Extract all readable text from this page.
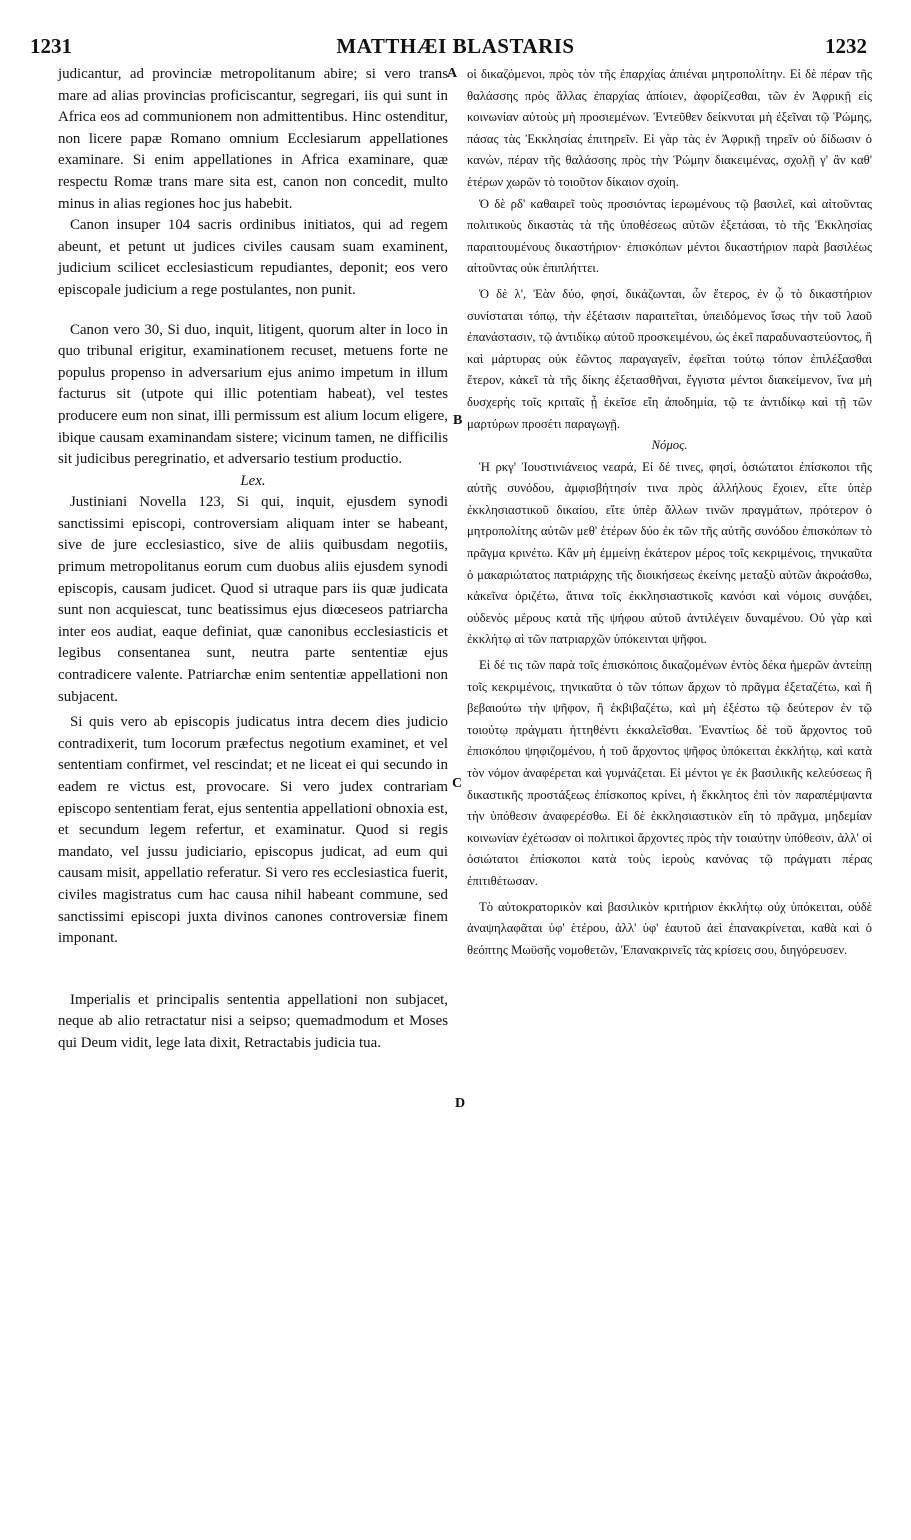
1231	MATTHÆI BLASTARIS	1232
A
B
C
D

judicantur, ad provinciæ metropolitanum abire; si vero trans mare ad alias provincias proficiscantur, segregari, iis qui sunt in Africa eos ad communionem non admittentibus. Hinc ostenditur, non licere papæ Romano omnium Ecclesiarum appellationes examinare. Si enim appellationes in Africa examinare, quæ respectu Romæ trans mare sita est, canon non concedit, multo minus in alias regiones hoc jus habebit.

Canon insuper 104 sacris ordinibus initiatos, qui ad regem abeunt, et petunt ut judices civiles causam suam examinent, judicium scilicet ecclesiasticum repudiantes, deponit; eos vero episcopale judicium a rege postulantes, non punit.

Canon vero 30, Si duo, inquit, litigent, quorum alter in loco in quo tribunal erigitur, examinationem recuset, metuens forte ne populus propenso in adversarium ejus animo impetum in illum facturus sit (utpote qui illic potentiam habeat), vel testes producere eum non sinat, illi permissum est alium locum eligere, ibique causam examinandam sistere; vicinum tamen, ne difficilis sit judicibus peregrinatio, et adversario testium productio.

Lex.

Justiniani Novella 123, Si qui, inquit, ejusdem synodi sanctissimi episcopi, controversiam aliquam inter se habeant, sive de jure ecclesiastico, sive de aliis quibusdam negotiis, primum metropolitanus eorum cum duobus aliis ejusdem synodi episcopis, causam judicet. Quod si utraque pars iis quæ judicata sunt non acquiescat, tunc beatissimus ejus diœceseos patriarcha inter eos audiat, eaque definiat, quæ canonibus ecclesiasticis et legibus consentanea sunt, neutra parte sententiæ ejus contradicere valente. Patriarchæ enim sententiæ appellationi non subjacent.

Si quis vero ab episcopis judicatus intra decem dies judicio contradixerit, tum locorum præfectus negotium examinet, et vel sententiam confirmet, vel rescindat; et ne liceat ei qui secundo in eadem re victus est, provocare. Si vero judex contrariam episcopo sententiam ferat, ejus sententia appellationi obnoxia est, et secundum legem refertur, et examinatur. Quod si regis mandato, vel jussu judiciario, episcopus judicat, ad eum qui causam misit, appellatio referatur. Si vero res ecclesiastica fuerit, civiles magistratus cum hac causa nihil habeant commune, sed sanctissimi episcopi juxta divinos canones controversiæ finem imponant.

Imperialis et principalis sententia appellationi non subjacet, neque ab alio retractatur nisi a seipso; quemadmodum et Moses qui Deum vidit, lege lata dixit, Retractabis judicia tua.

οἱ δικαζόμενοι, πρὸς τὸν τῆς ἐπαρχίας ἀπιέναι μητροπολίτην. Εἰ δὲ πέραν τῆς θαλάσσης πρὸς ἄλλας ἐπαρχίας ἀπίοιεν, ἀφορίζεσθαι, τῶν ἐν Ἀφρικῇ εἰς κοινωνίαν αὐτοὺς μὴ προσιεμένων. Ἐντεῦθεν δείκνυται μὴ ἐξεῖναι τῷ Ῥώμης, πάσας τὰς Ἐκκλησίας ἐπιτηρεῖν. Εἰ γὰρ τὰς ἐν Ἀφρικῇ τηρεῖν οὐ δίδωσιν ὁ κανών, πέραν τῆς θαλάσσης πρὸς τὴν Ῥώμην διακειμένας, σχολῇ γ' ἂν καθ' ἑτέρων χωρῶν τὸ τοιοῦτον δίκαιον σχοίη.

Ὁ δὲ ρδ' καθαιρεῖ τοὺς προσιόντας ἱερωμένους τῷ βασιλεῖ, καὶ αἰτοῦντας πολιτικοὺς δικαστὰς τὰ τῆς ὑποθέσεως αὐτῶν ἐξετάσαι, τὸ τῆς Ἐκκλησίας παραιτουμένους δικαστήριον· ἐπισκόπων μέντοι δικαστήριον παρὰ βασιλέως αἰτοῦντας οὐκ ἐπιπλήττει.

Ὁ δὲ λ', Ἐὰν δύο, φησί, δικάζωνται, ὧν ἕτερος, ἐν ᾧ τὸ δικαστήριον συνίσταται τόπῳ, τὴν ἐξέτασιν παραιτεῖται, ὑπειδόμενος ἴσως τὴν τοῦ λαοῦ ἐπανάστασιν, τῷ ἀντιδίκῳ αὐτοῦ προσκειμένου, ὡς ἐκεῖ παραδυναστεύοντος, ἢ καὶ μάρτυρας οὐκ ἐῶντος παραγαγεῖν, ἐφεῖται τούτῳ τόπον ἐπιλέξασθαι ἕτερον, κἀκεῖ τὰ τῆς δίκης ἐξετασθῆναι, ἔγγιστα μέντοι διακείμενον, ἵνα μὴ δυσχερὴς τοῖς κριταῖς ᾖ ἐκεῖσε εἴη ἀποδημία, τῷ τε ἀντιδίκῳ καὶ τῇ τῶν μαρτύρων προσέτι παραγωγῇ.

Νόμος.

Ἡ ρκγ' Ἰουστινιάνειος νεαρά, Εἰ δέ τινες, φησί, ὁσιώτατοι ἐπίσκοποι τῆς αὐτῆς συνόδου, ἀμφισβήτησίν τινα πρὸς ἀλλήλους ἔχοιεν, εἴτε ὑπὲρ ἐκκλησιαστικοῦ δικαίου, εἴτε ὑπὲρ ἄλλων τινῶν πραγμάτων, πρότερον ὁ μητροπολίτης αὐτῶν μεθ' ἑτέρων δύο ἐκ τῶν τῆς αὐτῆς συνόδου ἐπισκόπων τὸ πρᾶγμα κρινέτω. Κἂν μὴ ἐμμείνῃ ἑκάτερον μέρος τοῖς κεκριμένοις, τηνικαῦτα ὁ μακαριώτατος πατριάρχης τῆς διοικήσεως ἐκείνης μεταξὺ αὐτῶν ἀκροάσθω, κἀκεῖνα ὁριζέτω, ἅτινα τοῖς ἐκκλησιαστικοῖς κανόσι καὶ νόμοις συνᾴδει, οὐδενὸς μέρους κατὰ τῆς ψήφου αὐτοῦ ἀντιλέγειν δυναμένου. Οὐ γὰρ καὶ ἐκκλήτῳ αἱ τῶν πατριαρχῶν ὑπόκεινται ψῆφοι.

Εἰ δέ τις τῶν παρὰ τοῖς ἐπισκόποις δικαζομένων ἐντὸς δέκα ἡμερῶν ἀντείπῃ τοῖς κεκριμένοις, τηνικαῦτα ὁ τῶν τόπων ἄρχων τὸ πρᾶγμα ἐξεταζέτω, καὶ ἢ βεβαιούτω τὴν ψῆφον, ἢ ἐκβιβαζέτω, καὶ μὴ ἐξέστω τῷ δεύτερον ἐν τῷ τοιούτῳ πράγματι ἡττηθέντι ἐκκαλεῖσθαι. Ἐναντίως δὲ τοῦ ἄρχοντος τοῦ ἐπισκόπου ψηφιζομένου, ἡ τοῦ ἄρχοντος ψῆφος ὑπόκειται ἐκκλήτῳ, καὶ κατὰ τὸν νόμον ἀναφέρεται καὶ γυμνάζεται. Εἰ μέντοι γε ἐκ βασιλικῆς κελεύσεως ἢ δικαστικῆς προστάξεως ἐπίσκοπος κρίνει, ἡ ἔκκλητος ἐπὶ τὸν παραπέμψαντα τὴν ὑπόθεσιν ἀναφερέσθω. Εἰ δὲ ἐκκλησιαστικὸν εἴη τὸ πρᾶγμα, μηδεμίαν κοινωνίαν ἐχέτωσαν οἱ πολιτικοὶ ἄρχοντες πρὸς τὴν τοιαύτην ὑπόθεσιν, ἀλλ' οἱ ὁσιώτατοι ἐπίσκοποι κατὰ τοὺς ἱεροὺς κανόνας τῷ πράγματι πέρας ἐπιτιθέτωσαν.

Τὸ αὐτοκρατορικὸν καὶ βασιλικὸν κριτήριον ἐκκλήτῳ οὐχ ὑπόκειται, οὐδὲ ἀναψηλαφᾶται ὑφ' ἑτέρου, ἀλλ' ὑφ' ἑαυτοῦ ἀεὶ ἐπανακρίνεται, καθὰ καὶ ὁ θεόπτης Μωϋσῆς νομοθετῶν, Ἐπανακρινεῖς τὰς κρίσεις σου, διηγόρευσεν.
